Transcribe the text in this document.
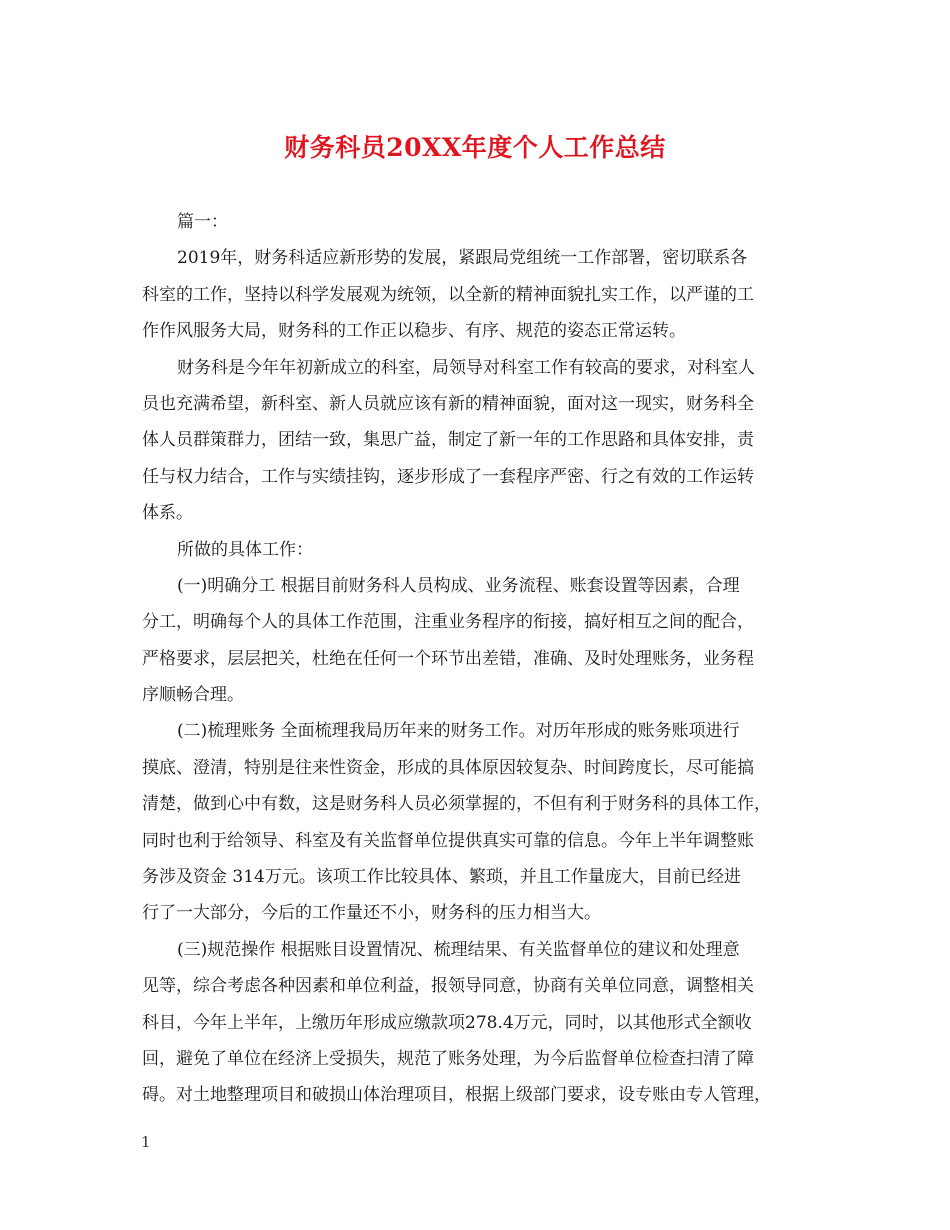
财务科员20XX年度个人工作总结
篇一：
2019年，财务科适应新形势的发展，紧跟局党组统一工作部署，密切联系各
科室的工作，坚持以科学发展观为统领，以全新的精神面貌扎实工作，以严谨的工
作作风服务大局，财务科的工作正以稳步、有序、规范的姿态正常运转。
财务科是今年年初新成立的科室，局领导对科室工作有较高的要求，对科室人
员也充满希望，新科室、新人员就应该有新的精神面貌，面对这一现实，财务科全
体人员群策群力，团结一致，集思广益，制定了新一年的工作思路和具体安排，责
任与权力结合，工作与实绩挂钩，逐步形成了一套程序严密、行之有效的工作运转
体系。
所做的具体工作：
(一)明确分工 根据目前财务科人员构成、业务流程、账套设置等因素，合理
分工，明确每个人的具体工作范围，注重业务程序的衔接，搞好相互之间的配合，
严格要求，层层把关，杜绝在任何一个环节出差错，准确、及时处理账务，业务程
序顺畅合理。
(二)梳理账务 全面梳理我局历年来的财务工作。对历年形成的账务账项进行
摸底、澄清，特别是往来性资金，形成的具体原因较复杂、时间跨度长，尽可能搞
清楚，做到心中有数，这是财务科人员必须掌握的，不但有利于财务科的具体工作，
同时也利于给领导、科室及有关监督单位提供真实可靠的信息。今年上半年调整账
务涉及资金 314万元。该项工作比较具体、繁琐，并且工作量庞大，目前已经进
行了一大部分，今后的工作量还不小，财务科的压力相当大。
(三)规范操作 根据账目设置情况、梳理结果、有关监督单位的建议和处理意
见等，综合考虑各种因素和单位利益，报领导同意，协商有关单位同意，调整相关
科目，今年上半年，上缴历年形成应缴款项278.4万元，同时，以其他形式全额收
回，避免了单位在经济上受损失，规范了账务处理，为今后监督单位检查扫清了障
碍。对土地整理项目和破损山体治理项目，根据上级部门要求，设专账由专人管理，
1
